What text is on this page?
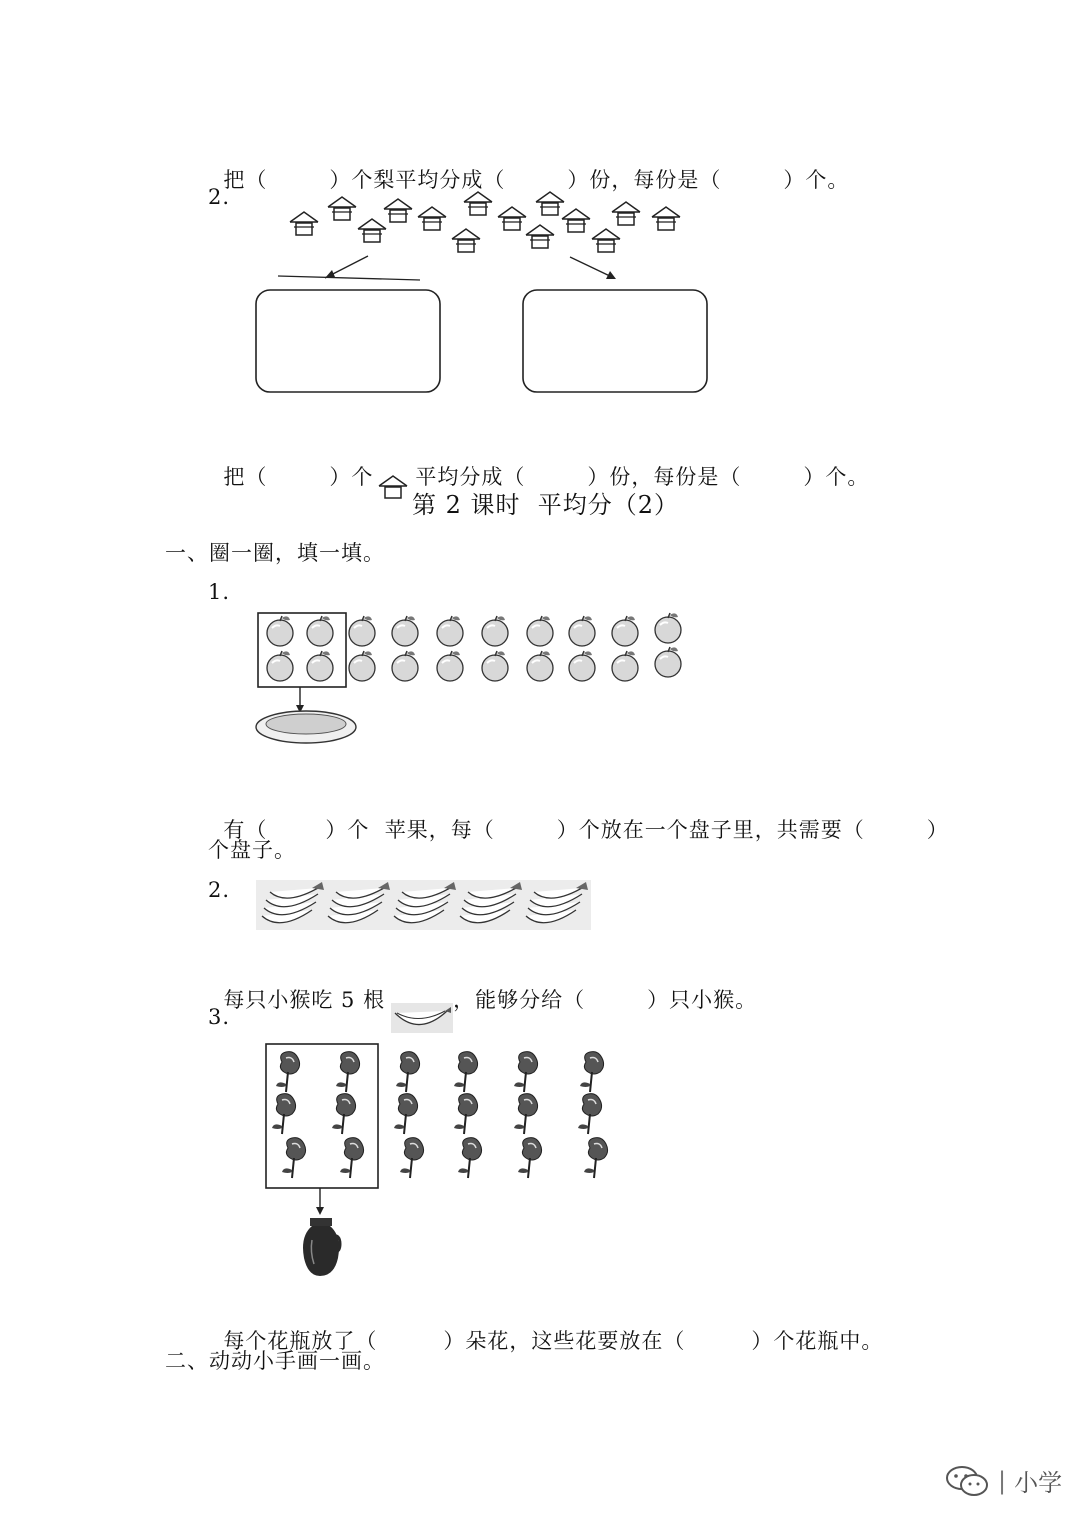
把（	）个梨平均分成（	）份，每份是（	）个。

2.

把（	）个 平均分成（	）份，每份是（	）个。

第 2 课时  平均分（2）
一、圈一圈，填一填。
1.

有（	）个  苹果，每（	）个放在一个盘子里，共需要（	）

个盘子。
2.

每只小猴吃 5 根	，能够分给（	）只小猴。

3.

每个花瓶放了（	）朵花，这些花要放在（	）个花瓶中。

二、动动小手画一画。
| 小学
